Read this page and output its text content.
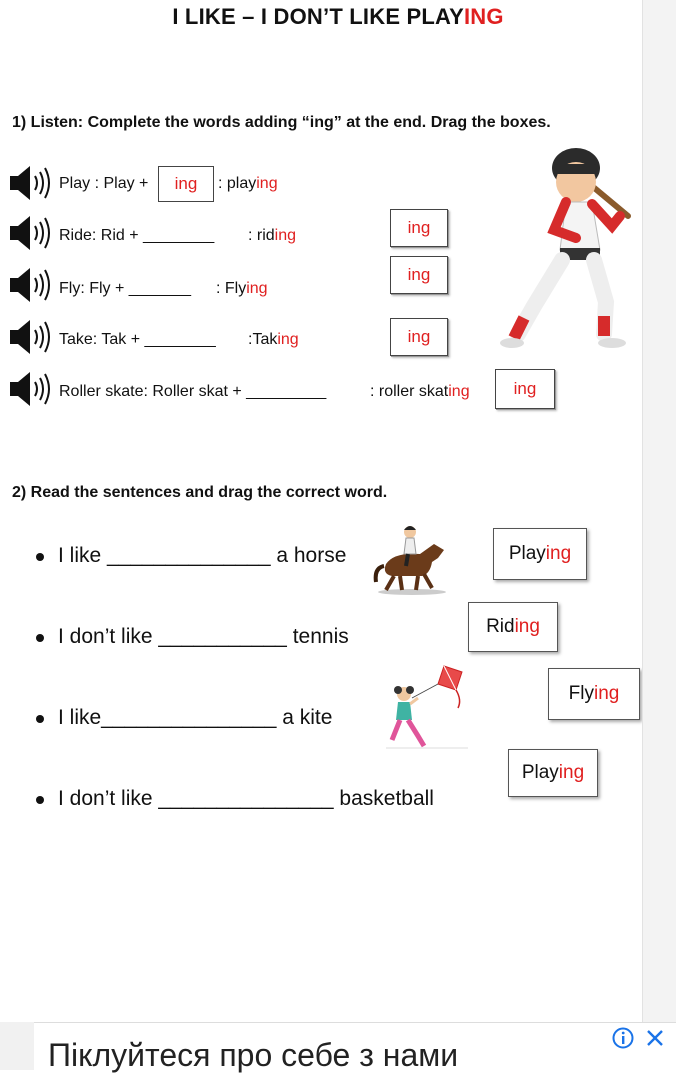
I LIKE – I DON’T LIKE PLAYING
1) Listen: Complete the words adding “ing” at the end. Drag the boxes.
Play : Play +	ing	: playing
Ride: Rid + ________ : riding
Fly: Fly + _______ : Flying
Take: Tak + ________ :Taking
Roller skate: Roller skat + _________	: roller skating
ing
ing
ing
ing
2) Read the sentences and drag the correct word.
I like ______________ a horse
I don’t like ___________ tennis
I like_______________ a kite
I don’t like _______________ basketball
Play ing
Rid ing
Fly ing
Play ing
Піклуйтеся про себе з нами
